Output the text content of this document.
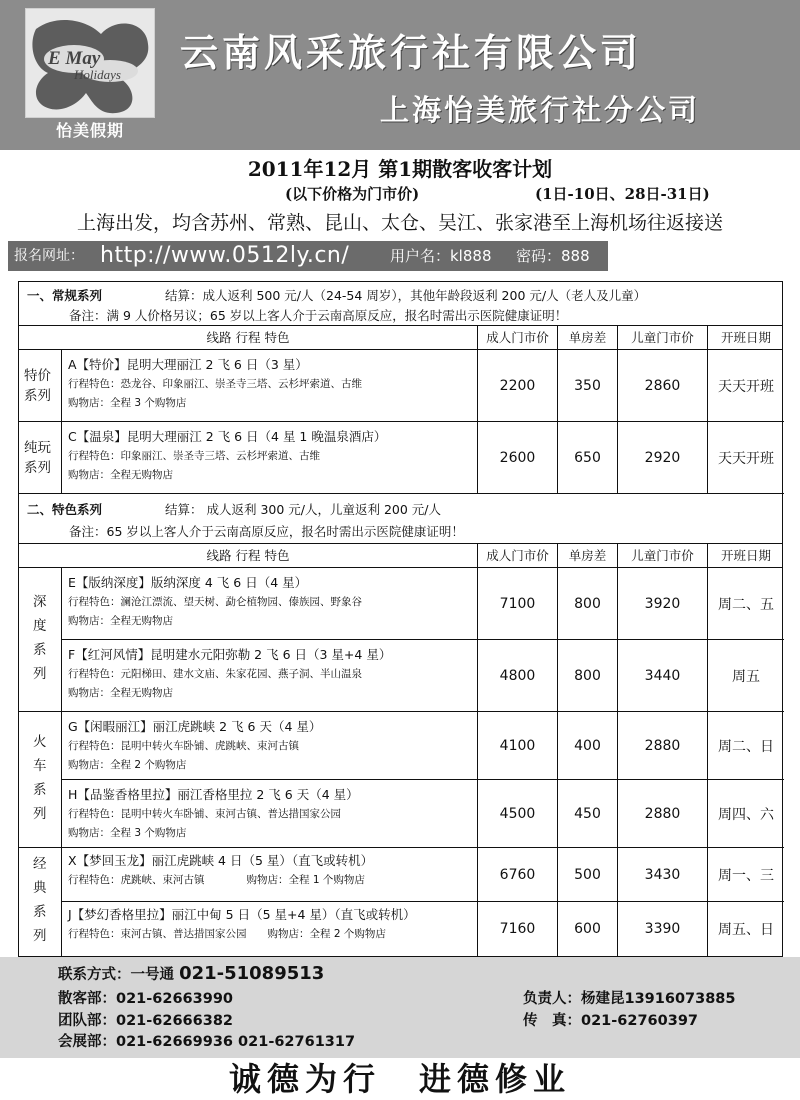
E May
Holidays
怡美假期
云南风采旅行社有限公司
上海怡美旅行社分公司
2011年12月 第1期散客收客计划
(以下价格为门市价)	(1日-10日、28日-31日)
上海出发，均含苏州、常熟、昆山、太仓、吴江、张家港至上海机场往返接送
报名网址： http://www.0512ly.cn/	用户名：kl888 密码：888
一、常规系列	结算：成人返利 500 元/人（24-54 周岁），其他年龄段返利 200 元/人（老人及儿童）
备注：满 9 人价格另议；65 岁以上客人介于云南高原反应，报名时需出示医院健康证明！
线路 行程 特色	成人门市价	单房差	儿童门市价	开班日期
特价系列
A【特价】昆明大理丽江 2 飞 6 日（3 星）
行程特色：恐龙谷、印象丽江、崇圣寺三塔、云杉坪索道、古维
购物店：全程 3 个购物店
2200	350	2860	天天开班
纯玩系列
C【温泉】昆明大理丽江 2 飞 6 日（4 星 1 晚温泉酒店）
行程特色：印象丽江、崇圣寺三塔、云杉坪索道、古维
购物店：全程无购物店
2600	650	2920	天天开班
二、特色系列	结算： 成人返利 300 元/人，儿童返利 200 元/人
备注：65 岁以上客人介于云南高原反应，报名时需出示医院健康证明！
线路 行程 特色	成人门市价	单房差	儿童门市价	开班日期
深度系列
E【版纳深度】版纳深度 4 飞 6 日（4 星）
行程特色：澜沧江漂流、望天树、勐仑植物园、傣族园、野象谷
购物店：全程无购物店
7100	800	3920	周二、五
F【红河风情】昆明建水元阳弥勒 2 飞 6 日（3 星+4 星）
行程特色：元阳梯田、建水文庙、朱家花园、燕子洞、半山温泉
购物店：全程无购物店
4800	800	3440	周五
火车系列
G【闲暇丽江】丽江虎跳峡 2 飞 6 天（4 星）
行程特色：昆明中转火车卧铺、虎跳峡、束河古镇
购物店：全程 2 个购物店
4100	400	2880	周二、日
H【品鉴香格里拉】丽江香格里拉 2 飞 6 天（4 星）
行程特色：昆明中转火车卧铺、束河古镇、普达措国家公园
购物店：全程 3 个购物店
4500	450	2880	周四、六
经典系列
X【梦回玉龙】丽江虎跳峡 4 日（5 星）（直飞或转机）
行程特色：虎跳峡、束河古镇　　　　	购物店：全程 1 个购物店	6760	500	3430	周一、三
J【梦幻香格里拉】丽江中甸 5 日（5 星+4 星）（直飞或转机）
行程特色：束河古镇、普达措国家公园　　 购物店：全程 2 个购物店	7160	600	3390	周五、日
联系方式：一号通 021-51089513
散客部：021-62663990
团队部：021-62666382
会展部：021-62669936 021-62761317
负责人：杨建昆13916073885
传　真：021-62760397
诚德为行　进德修业
